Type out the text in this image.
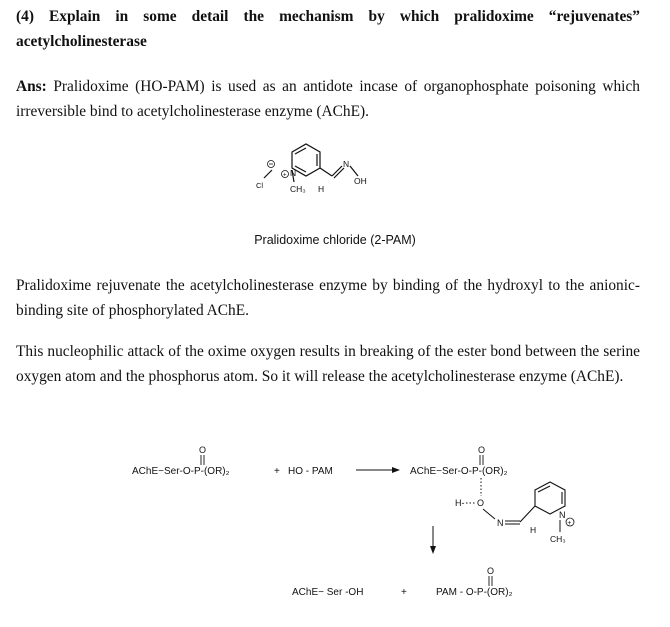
(4) Explain in some detail the mechanism by which pralidoxime “rejuvenates” acetylcholinesterase
Ans: Pralidoxime (HO-PAM) is used as an antidote incase of organophosphate poisoning which irreversible bind to acetylcholinesterase enzyme (AChE).
N
+
Cl
N
OH
CH₃ H
Pralidoxime chloride (2-PAM)
Pralidoxime rejuvenate the acetylcholinesterase enzyme by binding of the hydroxyl to the anionic-binding site of phosphorylated AChE.
This nucleophilic attack of the oxime oxygen results in breaking of the ester bond between the serine oxygen atom and the phosphorus atom. So it will release the acetylcholinesterase enzyme (AChE).
AChE−Ser-O-P-(OR)₂
O
+ HO - PAM	AChE−Ser-O-P-(OR)₂
O
H- O
N
N
+
H
CH₃
AChE− Ser -OH	+	PAM - O-P-(OR)₂
O
